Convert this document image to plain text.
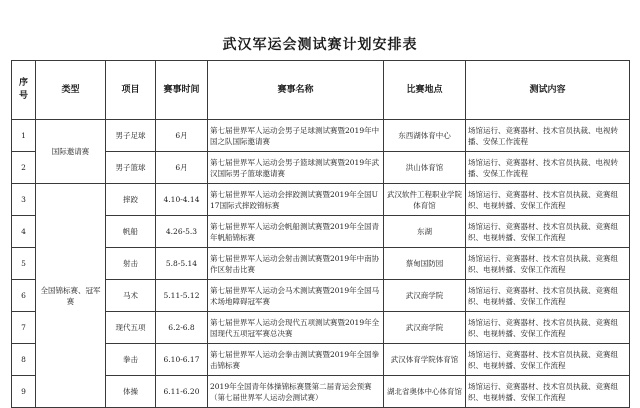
武汉军运会测试赛计划安排表
序
号	类型	项目	赛事时间	赛事名称	比赛地点	测试内容
1	国际邀请赛	男子足球	6月	第七届世界军人运动会男子足球测试赛暨2019年中国之队国际邀请赛	东西湖体育中心	场馆运行、竞赛器材、技术官员执裁、电视转播、安保工作流程
2		男子篮球	6月	第七届世界军人运动会男子篮球测试赛暨2019年武汉国际男子篮球邀请赛	洪山体育馆	场馆运行、竞赛器材、技术官员执裁、电视转播、安保工作流程
3	全国锦标赛、冠军赛	摔跤	4.10-4.14	第七届世界军人运动会摔跤测试赛暨2019年全国U17国际式摔跤锦标赛	武汉软件工程职业学院体育馆	场馆运行、竞赛器材、技术官员执裁、竞赛组织、电视转播、安保工作流程
4		帆船	4.26-5.3	第七届世界军人运动会帆船测试赛暨2019年全国青年帆船锦标赛	东湖	场馆运行、竞赛器材、技术官员执裁、竞赛组织、电视转播、安保工作流程
5		射击	5.8-5.14	第七届世界军人运动会射击测试赛暨2019年中南协作区射击比赛	蔡甸国防园	场馆运行、竞赛器材、技术官员执裁、竞赛组织、电视转播、安保工作流程
6		马术	5.11-5.12	第七届世界军人运动会马术测试赛暨2019年全国马术场地障碍冠军赛	武汉商学院	场馆运行、竞赛器材、技术官员执裁、竞赛组织、电视转播、安保工作流程
7		现代五项	6.2-6.8	第七届世界军人运动会现代五项测试赛暨2019年全国现代五项冠军赛总决赛	武汉商学院	场馆运行、竞赛器材、技术官员执裁、竞赛组织、电视转播、安保工作流程
8		拳击	6.10-6.17	第七届世界军人运动会拳击测试赛暨2019年全国拳击锦标赛	武汉体育学院体育馆	场馆运行、竞赛器材、技术官员执裁、竞赛组织、电视转播、安保工作流程
9		体操	6.11-6.20	2019年全国青年体操锦标赛暨第二届青运会预赛（第七届世界军人运动会测试赛）	湖北省奥体中心体育馆	场馆运行、竞赛器材、技术官员执裁、竞赛组织、电视转播、安保工作流程
